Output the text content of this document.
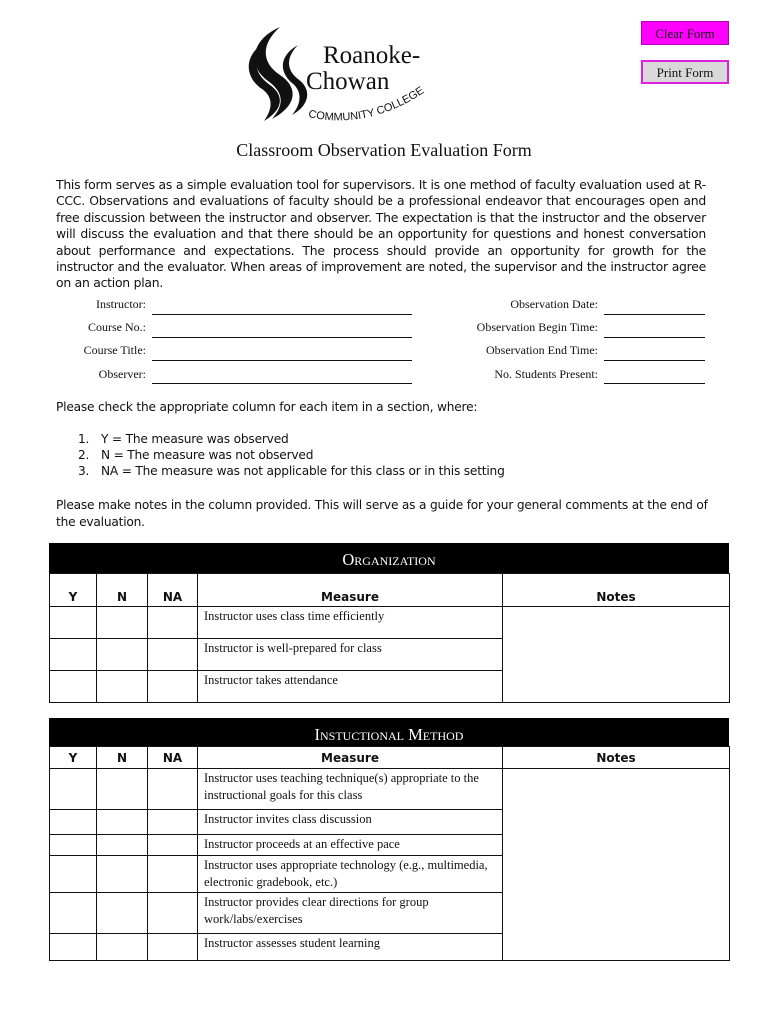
Clear Form
Print Form
Roanoke-
Chowan
COMMUNITY COLLEGE
Classroom Observation Evaluation Form
This form serves as a simple evaluation tool for supervisors. It is one method of faculty evaluation used at R-CCC. Observations and evaluations of faculty should be a professional endeavor that encourages open and free discussion between the instructor and observer. The expectation is that the instructor and the observer will discuss the evaluation and that there should be an opportunity for questions and honest conversation about performance and expectations. The process should provide an opportunity for growth for the instructor and the evaluator. When areas of improvement are noted, the supervisor and the instructor agree on an action plan.
Instructor:
Course No.:
Course Title:
Observer:
Observation Date:
Observation Begin Time:
Observation End Time:
No. Students Present:
Please check the appropriate column for each item in a section, where:
1. Y = The measure was observed
2. N = The measure was not observed
3. NA = The measure was not applicable for this class or in this setting
Please make notes in the column provided. This will serve as a guide for your general comments at the end of the evaluation.
Organization
Y	N	NA	Measure	Notes
			Instructor uses class time efficiently	
			Instructor is well-prepared for class	
			Instructor takes attendance	
Instuctional Method
Y	N	NA	Measure	Notes
			Instructor uses teaching technique(s) appropriate to the instructional goals for this class	
			Instructor invites class discussion	
			Instructor proceeds at an effective pace	
			Instructor uses appropriate technology (e.g., multimedia, electronic gradebook, etc.)	
			Instructor provides clear directions for group work/labs/exercises	
			Instructor assesses student learning	
